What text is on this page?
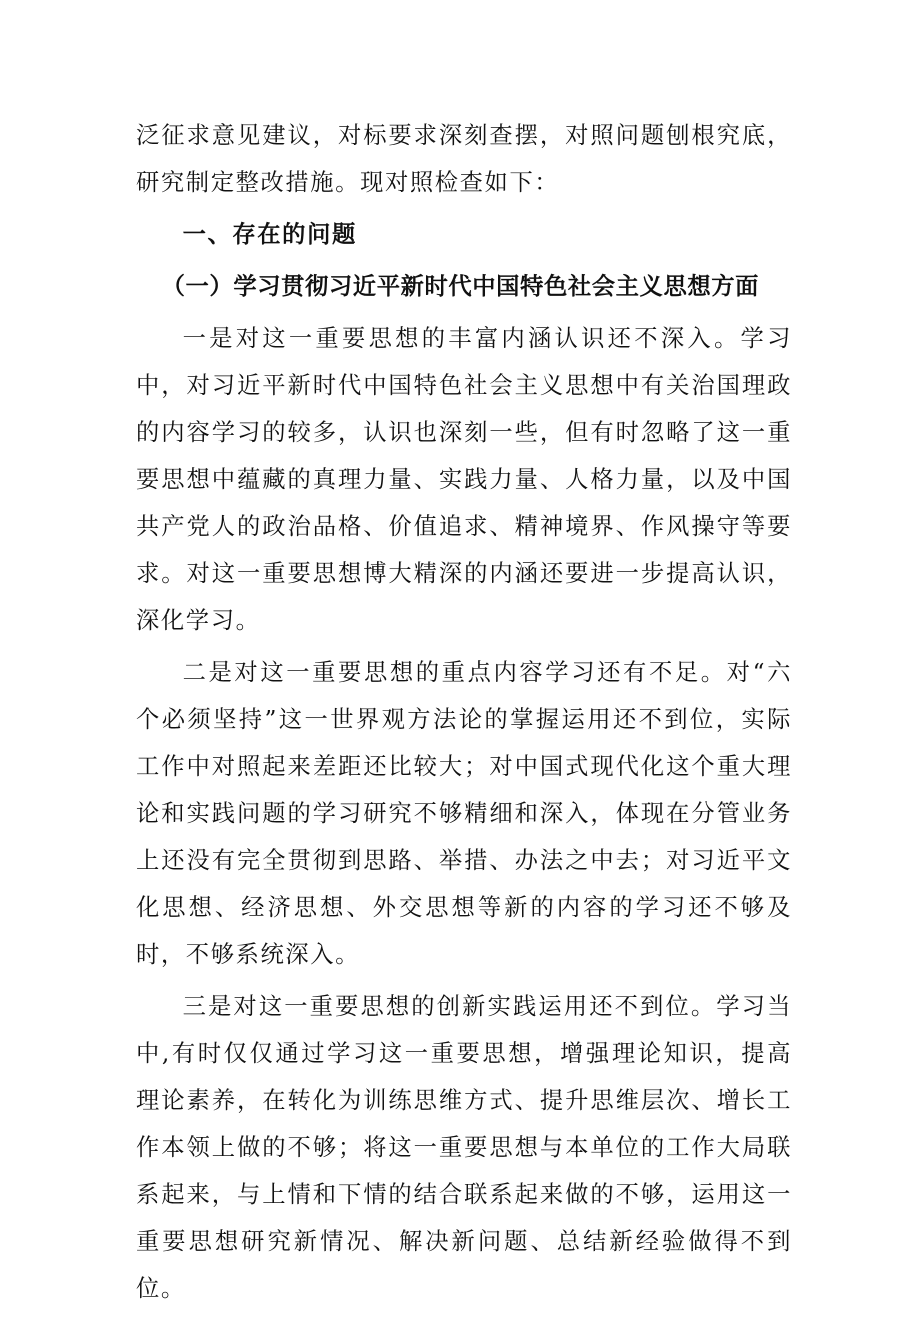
泛征求意见建议，对标要求深刻查摆，对照问题刨根究底，研究制定整改措施。现对照检查如下：

一、存在的问题

（一）学习贯彻习近平新时代中国特色社会主义思想方面

一是对这一重要思想的丰富内涵认识还不深入。学习中，对习近平新时代中国特色社会主义思想中有关治国理政的内容学习的较多，认识也深刻一些，但有时忽略了这一重要思想中蕴藏的真理力量、实践力量、人格力量，以及中国共产党人的政治品格、价值追求、精神境界、作风操守等要求。对这一重要思想博大精深的内涵还要进一步提高认识，深化学习。

二是对这一重要思想的重点内容学习还有不足。对“六个必须坚持”这一世界观方法论的掌握运用还不到位，实际工作中对照起来差距还比较大；对中国式现代化这个重大理论和实践问题的学习研究不够精细和深入，体现在分管业务上还没有完全贯彻到思路、举措、办法之中去；对习近平文化思想、经济思想、外交思想等新的内容的学习还不够及时，不够系统深入。

三是对这一重要思想的创新实践运用还不到位。学习当中,有时仅仅通过学习这一重要思想，增强理论知识，提高理论素养，在转化为训练思维方式、提升思维层次、增长工作本领上做的不够；将这一重要思想与本单位的工作大局联系起来，与上情和下情的结合联系起来做的不够，运用这一重要思想研究新情况、解决新问题、总结新经验做得不到位。
